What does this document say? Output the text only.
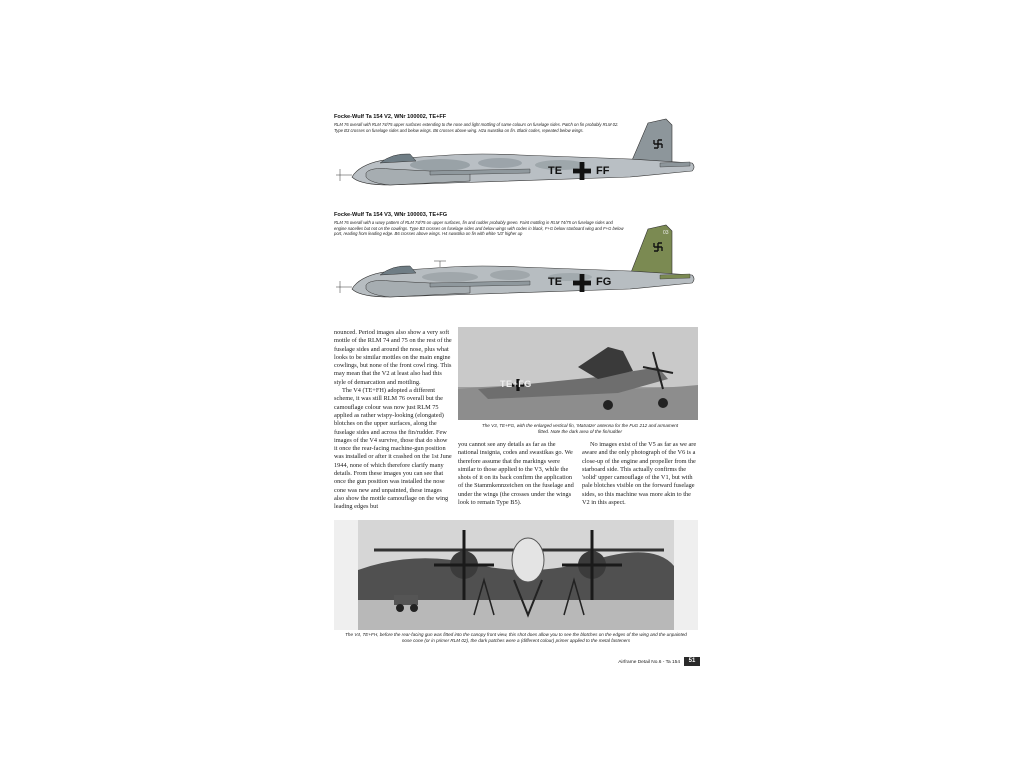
Focke-Wulf Ta 154 V2, WNr 100002, TE+FF
RLM 76 overall with RLM 74/75 upper surfaces extending to the nose and light mottling of same colours on fuselage sides. Patch on fin probably RLM 02. Type B3 crosses on fuselage sides and below wings. B6 crosses above wing. H2a swastika on fin. Black codes, repeated below wings.
TE	FF
Focke-Wulf Ta 154 V3, WNr 100003, TE+FG
RLM 76 overall with a wavy pattern of RLM 74/75 on upper surfaces, fin and rudder probably green. Faint mottling in RLM 74/75 on fuselage sides and engine nacelles but not on the cowlings. Type B3 crosses on fuselage sides and below wings with codes in black, F+G below starboard wing and F+G below port, reading from leading edge. B6 crosses above wings. H4 swastika on fin with white 'U3' higher up
TE	FG
03

nounced. Period images also show a very soft mottle of the RLM 74 and 75 on the rest of the fuselage sides and around the nose, plus what looks to be similar mottles on the main engine cowlings, but none of the front cowl ring. This may mean that the V2 at least also had this style of demarcation and mottling.

The V4 (TE+FH) adopted a different scheme, it was still RLM 76 overall but the camouflage colour was now just RLM 75 applied as rather wispy-looking (elongated) blotches on the upper surfaces, along the fuselage sides and across the fin/rudder. Few images of the V4 survive, those that do show it once the rear-facing machine-gun position was installed or after it crashed on the 1st June 1944, none of which therefore clarify many details. From these images you can see that once the gun position was installed the nose cone was new and unpainted, these images also show the mottle camouflage on the wing leading edges but

TE+FG
The V3, TE+FG, with the enlarged vertical fin, 'Matratze' antenna for the FuG 212 and armament fitted. Note the dark area of the fin/rudder

you cannot see any details as far as the national insignia, codes and swastikas go. We therefore assume that the markings were similar to those applied to the V3, while the shots of it on its back confirm the application of the Stammkennzeichen on the fuselage and under the wings (the crosses under the wings look to remain Type B5).

No images exist of the V5 as far as we are aware and the only photograph of the V6 is a close-up of the engine and propeller from the starboard side. This actually confirms the 'solid' upper camouflage of the V1, but with pale blotches visible on the forward fuselage sides, so this machine was more akin to the V2 in this aspect.

The V4, TE+FH, before the rear-facing gun was fitted into the canopy front view, this shot does allow you to see the blotches on the edges of the wing and the unpainted nose cone (or in primer RLM 02), the dark patches were a (different colour) primer applied to the metal fasteners
Airframe Detail No.6 - Ta 154	51
